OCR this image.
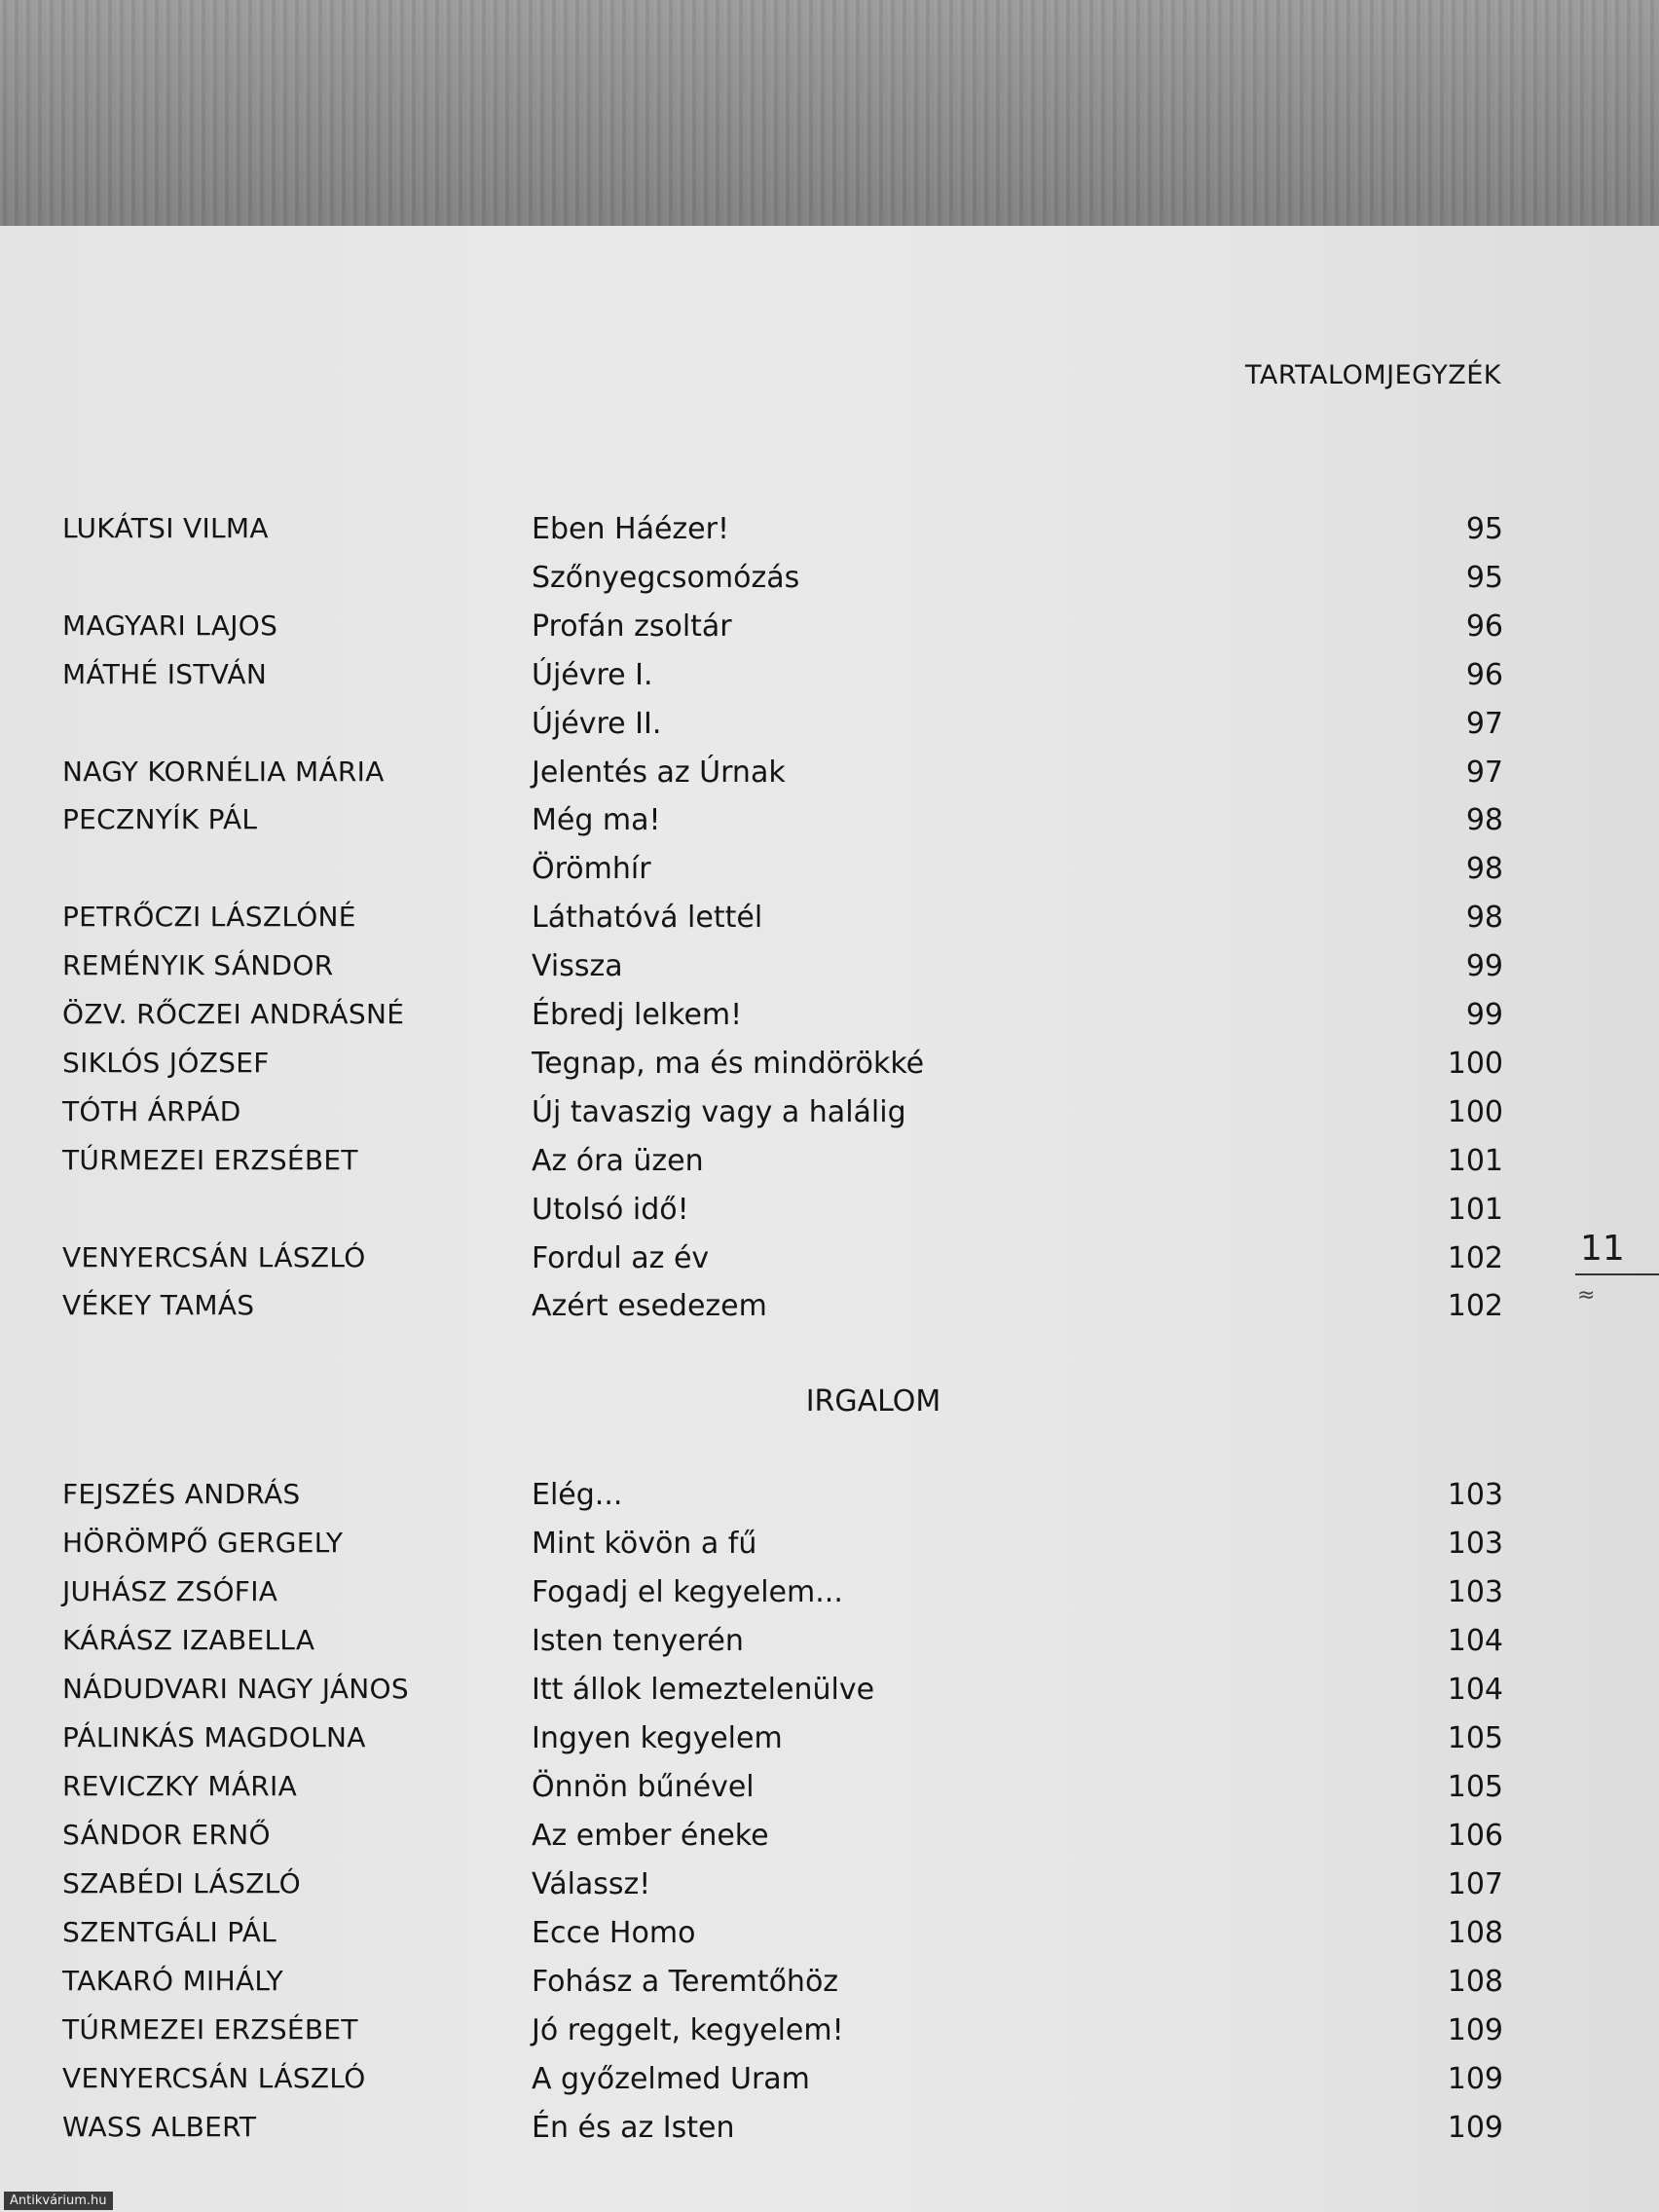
TARTALOMJEGYZÉK
LUKÁTSI VILMA	Eben Háézer!	95
Szőnyegcsomózás	95
MAGYARI LAJOS	Profán zsoltár	96
MÁTHÉ ISTVÁN	Újévre I.	96
Újévre II.	97
NAGY KORNÉLIA MÁRIA	Jelentés az Úrnak	97
PECZNYÍK PÁL	Még ma!	98
Örömhír	98
PETRŐCZI LÁSZLÓNÉ	Láthatóvá lettél	98
REMÉNYIK SÁNDOR	Vissza	99
ÖZV. RŐCZEI ANDRÁSNÉ	Ébredj lelkem!	99
SIKLÓS JÓZSEF	Tegnap, ma és mindörökké	100
TÓTH ÁRPÁD	Új tavaszig vagy a halálig	100
TÚRMEZEI ERZSÉBET	Az óra üzen	101
Utolsó idő!	101
VENYERCSÁN LÁSZLÓ	Fordul az év	102
VÉKEY TAMÁS	Azért esedezem	102
IRGALOM
FEJSZÉS ANDRÁS	Elég...	103
HÖRÖMPŐ GERGELY	Mint kövön a fű	103
JUHÁSZ ZSÓFIA	Fogadj el kegyelem...	103
KÁRÁSZ IZABELLA	Isten tenyerén	104
NÁDUDVARI NAGY JÁNOS	Itt állok lemeztelenülve	104
PÁLINKÁS MAGDOLNA	Ingyen kegyelem	105
REVICZKY MÁRIA	Önnön bűnével	105
SÁNDOR ERNŐ	Az ember éneke	106
SZABÉDI LÁSZLÓ	Válassz!	107
SZENTGÁLI PÁL	Ecce Homo	108
TAKARÓ MIHÁLY	Fohász a Teremtőhöz	108
TÚRMEZEI ERZSÉBET	Jó reggelt, kegyelem!	109
VENYERCSÁN LÁSZLÓ	A győzelmed Uram	109
WASS ALBERT	Én és az Isten	109
11
≈
Antikvárium.hu
